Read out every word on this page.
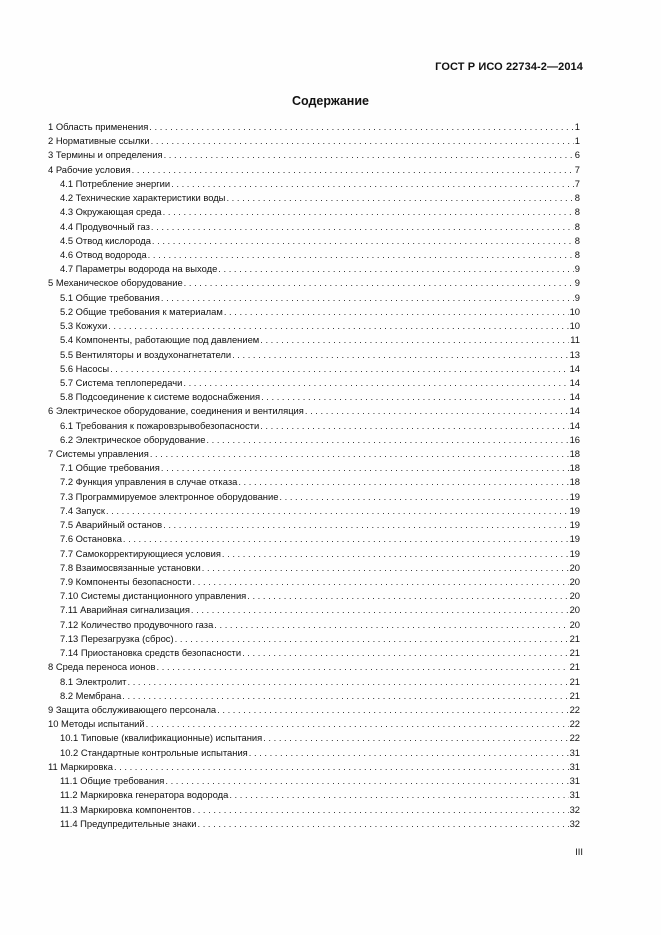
ГОСТ Р ИСО 22734-2—2014
Содержание
1 Область применения . . .	1
2 Нормативные ссылки . . .	1
3 Термины и определения . . .	6
4 Рабочие условия . . .	7
4.1 Потребление энергии . . .	7
4.2 Технические характеристики воды . . .	8
4.3 Окружающая среда . . .	8
4.4 Продувочный газ . . .	8
4.5 Отвод кислорода . . .	8
4.6 Отвод водорода . . .	8
4.7 Параметры водорода на выходе . . .	9
5 Механическое оборудование . . .	9
5.1 Общие требования . . .	9
5.2 Общие требования к материалам . . .	10
5.3 Кожухи . . .	10
5.4 Компоненты, работающие под давлением . . .	11
5.5 Вентиляторы и воздухонагнетатели . . .	13
5.6 Насосы . . .	14
5.7 Система теплопередачи . . .	14
5.8 Подсоединение к системе водоснабжения . . .	14
6 Электрическое оборудование, соединения и вентиляция . . .	14
6.1 Требования к пожаровзрывобезопасности . . .	14
6.2 Электрическое оборудование . . .	16
7 Системы управления . . .	18
7.1 Общие требования . . .	18
7.2 Функция управления в случае отказа . . .	18
7.3 Программируемое электронное оборудование . . .	19
7.4 Запуск . . .	19
7.5 Аварийный останов . . .	19
7.6 Остановка . . .	19
7.7 Самокорректирующиеся условия . . .	19
7.8 Взаимосвязанные установки . . .	20
7.9 Компоненты безопасности . . .	20
7.10 Системы дистанционного управления . . .	20
7.11 Аварийная сигнализация . . .	20
7.12 Количество продувочного газа . . .	20
7.13 Перезагрузка (сброс) . . .	21
7.14 Приостановка средств безопасности . . .	21
8 Среда переноса ионов . . .	21
8.1 Электролит . . .	21
8.2 Мембрана . . .	21
9 Защита обслуживающего персонала . . .	22
10 Методы испытаний . . .	22
10.1 Типовые (квалификационные) испытания . . .	22
10.2 Стандартные контрольные испытания . . .	31
11 Маркировка . . .	31
11.1 Общие требования . . .	31
11.2 Маркировка генератора водорода . . .	31
11.3 Маркировка компонентов . . .	32
11.4 Предупредительные знаки . . .	32
III
